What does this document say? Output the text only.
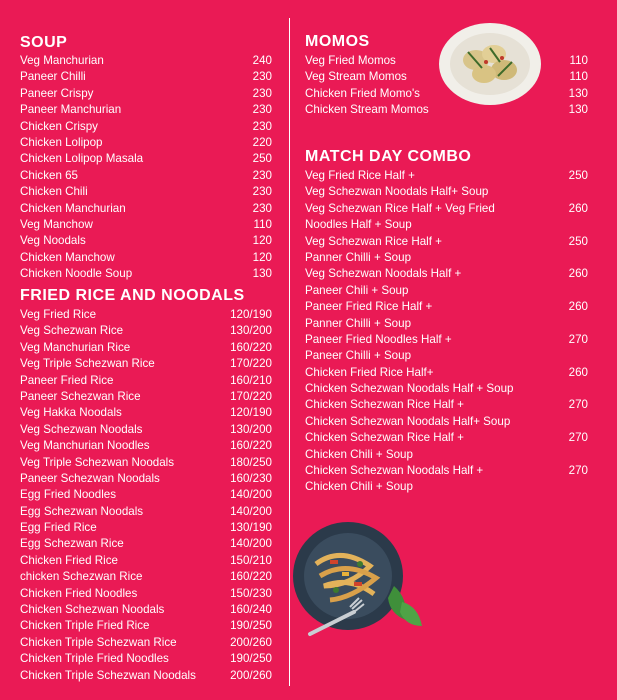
SOUP
Veg Manchurian	240
Paneer Chilli	230
Paneer Crispy	230
Paneer Manchurian	230
Chicken Crispy	230
Chicken Lolipop	220
Chicken Lolipop Masala	250
Chicken 65	230
Chicken Chili	230
Chicken Manchurian	230
Veg Manchow	110
Veg Noodals	120
Chicken Manchow	120
Chicken Noodle Soup	130
FRIED RICE AND NOODALS
Veg Fried Rice	120/190
Veg Schezwan Rice	130/200
Veg Manchurian Rice	160/220
Veg Triple Schezwan Rice	170/220
Paneer Fried Rice	160/210
Paneer Schezwan Rice	170/220
Veg Hakka Noodals	120/190
Veg Schezwan Noodals	130/200
Veg Manchurian Noodles	160/220
Veg Triple Schezwan Noodals	180/250
Paneer Schezwan Noodals	160/230
Egg Fried Noodles	140/200
Egg Schezwan Noodals	140/200
Egg Fried Rice	130/190
Egg Schezwan Rice	140/200
Chicken Fried Rice	150/210
chicken Schezwan Rice	160/220
Chicken Fried Noodles	150/230
Chicken Schezwan Noodals	160/240
Chicken Triple Fried Rice	190/250
Chicken Triple Schezwan Rice	200/260
Chicken Triple Fried Noodles	190/250
Chicken Triple Schezwan Noodals	200/260
MOMOS
Veg Fried Momos	110
Veg Stream Momos	110
Chicken Fried Momo's	130
Chicken Stream Momos	130
MATCH DAY COMBO
Veg Fried Rice Half +	250
Veg Schezwan Noodals Half+ Soup
Veg Schezwan Rice Half + Veg Fried	260
Noodles Half + Soup
Veg Schezwan Rice Half +	250
Panner Chilli + Soup
Veg Schezwan Noodals Half +	260
Paneer Chili + Soup
Paneer Fried Rice Half +	260
Panner Chilli + Soup
Paneer Fried Noodles Half +	270
Paneer Chilli + Soup
Chicken Fried Rice Half+	260
Chicken Schezwan Noodals Half + Soup
Chicken Schezwan Rice Half +	270
Chicken Schezwan Noodals Half+ Soup
Chicken Schezwan Rice Half +	270
Chicken Chili + Soup
Chicken Schezwan Noodals Half +	270
Chicken Chili + Soup
